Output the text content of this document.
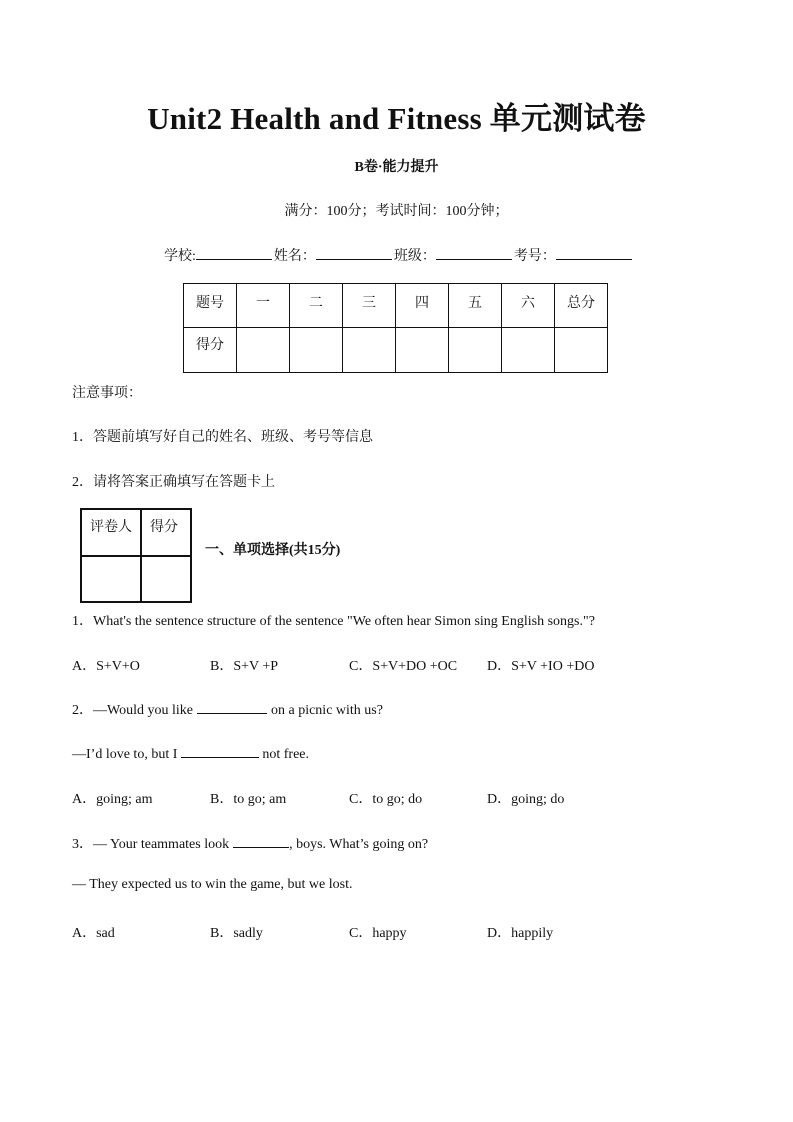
Unit2 Health and Fitness 单元测试卷
B卷·能力提升
满分：100分；考试时间：100分钟；
学校:	姓名：	班级：	考号：
题号	一	二	三	四	五	六	总分
得分							
注意事项：
1．答题前填写好自己的姓名、班级、考号等信息
2．请将答案正确填写在答题卡上
评卷人	得分

一、单项选择(共15分)
1．What's the sentence structure of the sentence "We often hear Simon sing English songs."?
A．S+V+O	B．S+V +P	C．S+V+DO +OC D．S+V +IO +DO
2．—Would you like	on a picnic with us?
—I’d love to, but I	not free.
A．going; am	B．to go; am	C．to go; do	D．going; do
3．— Your teammates look	, boys. What’s going on?
— They expected us to win the game, but we lost.
A．sad	B．sadly	C．happy	D．happily
